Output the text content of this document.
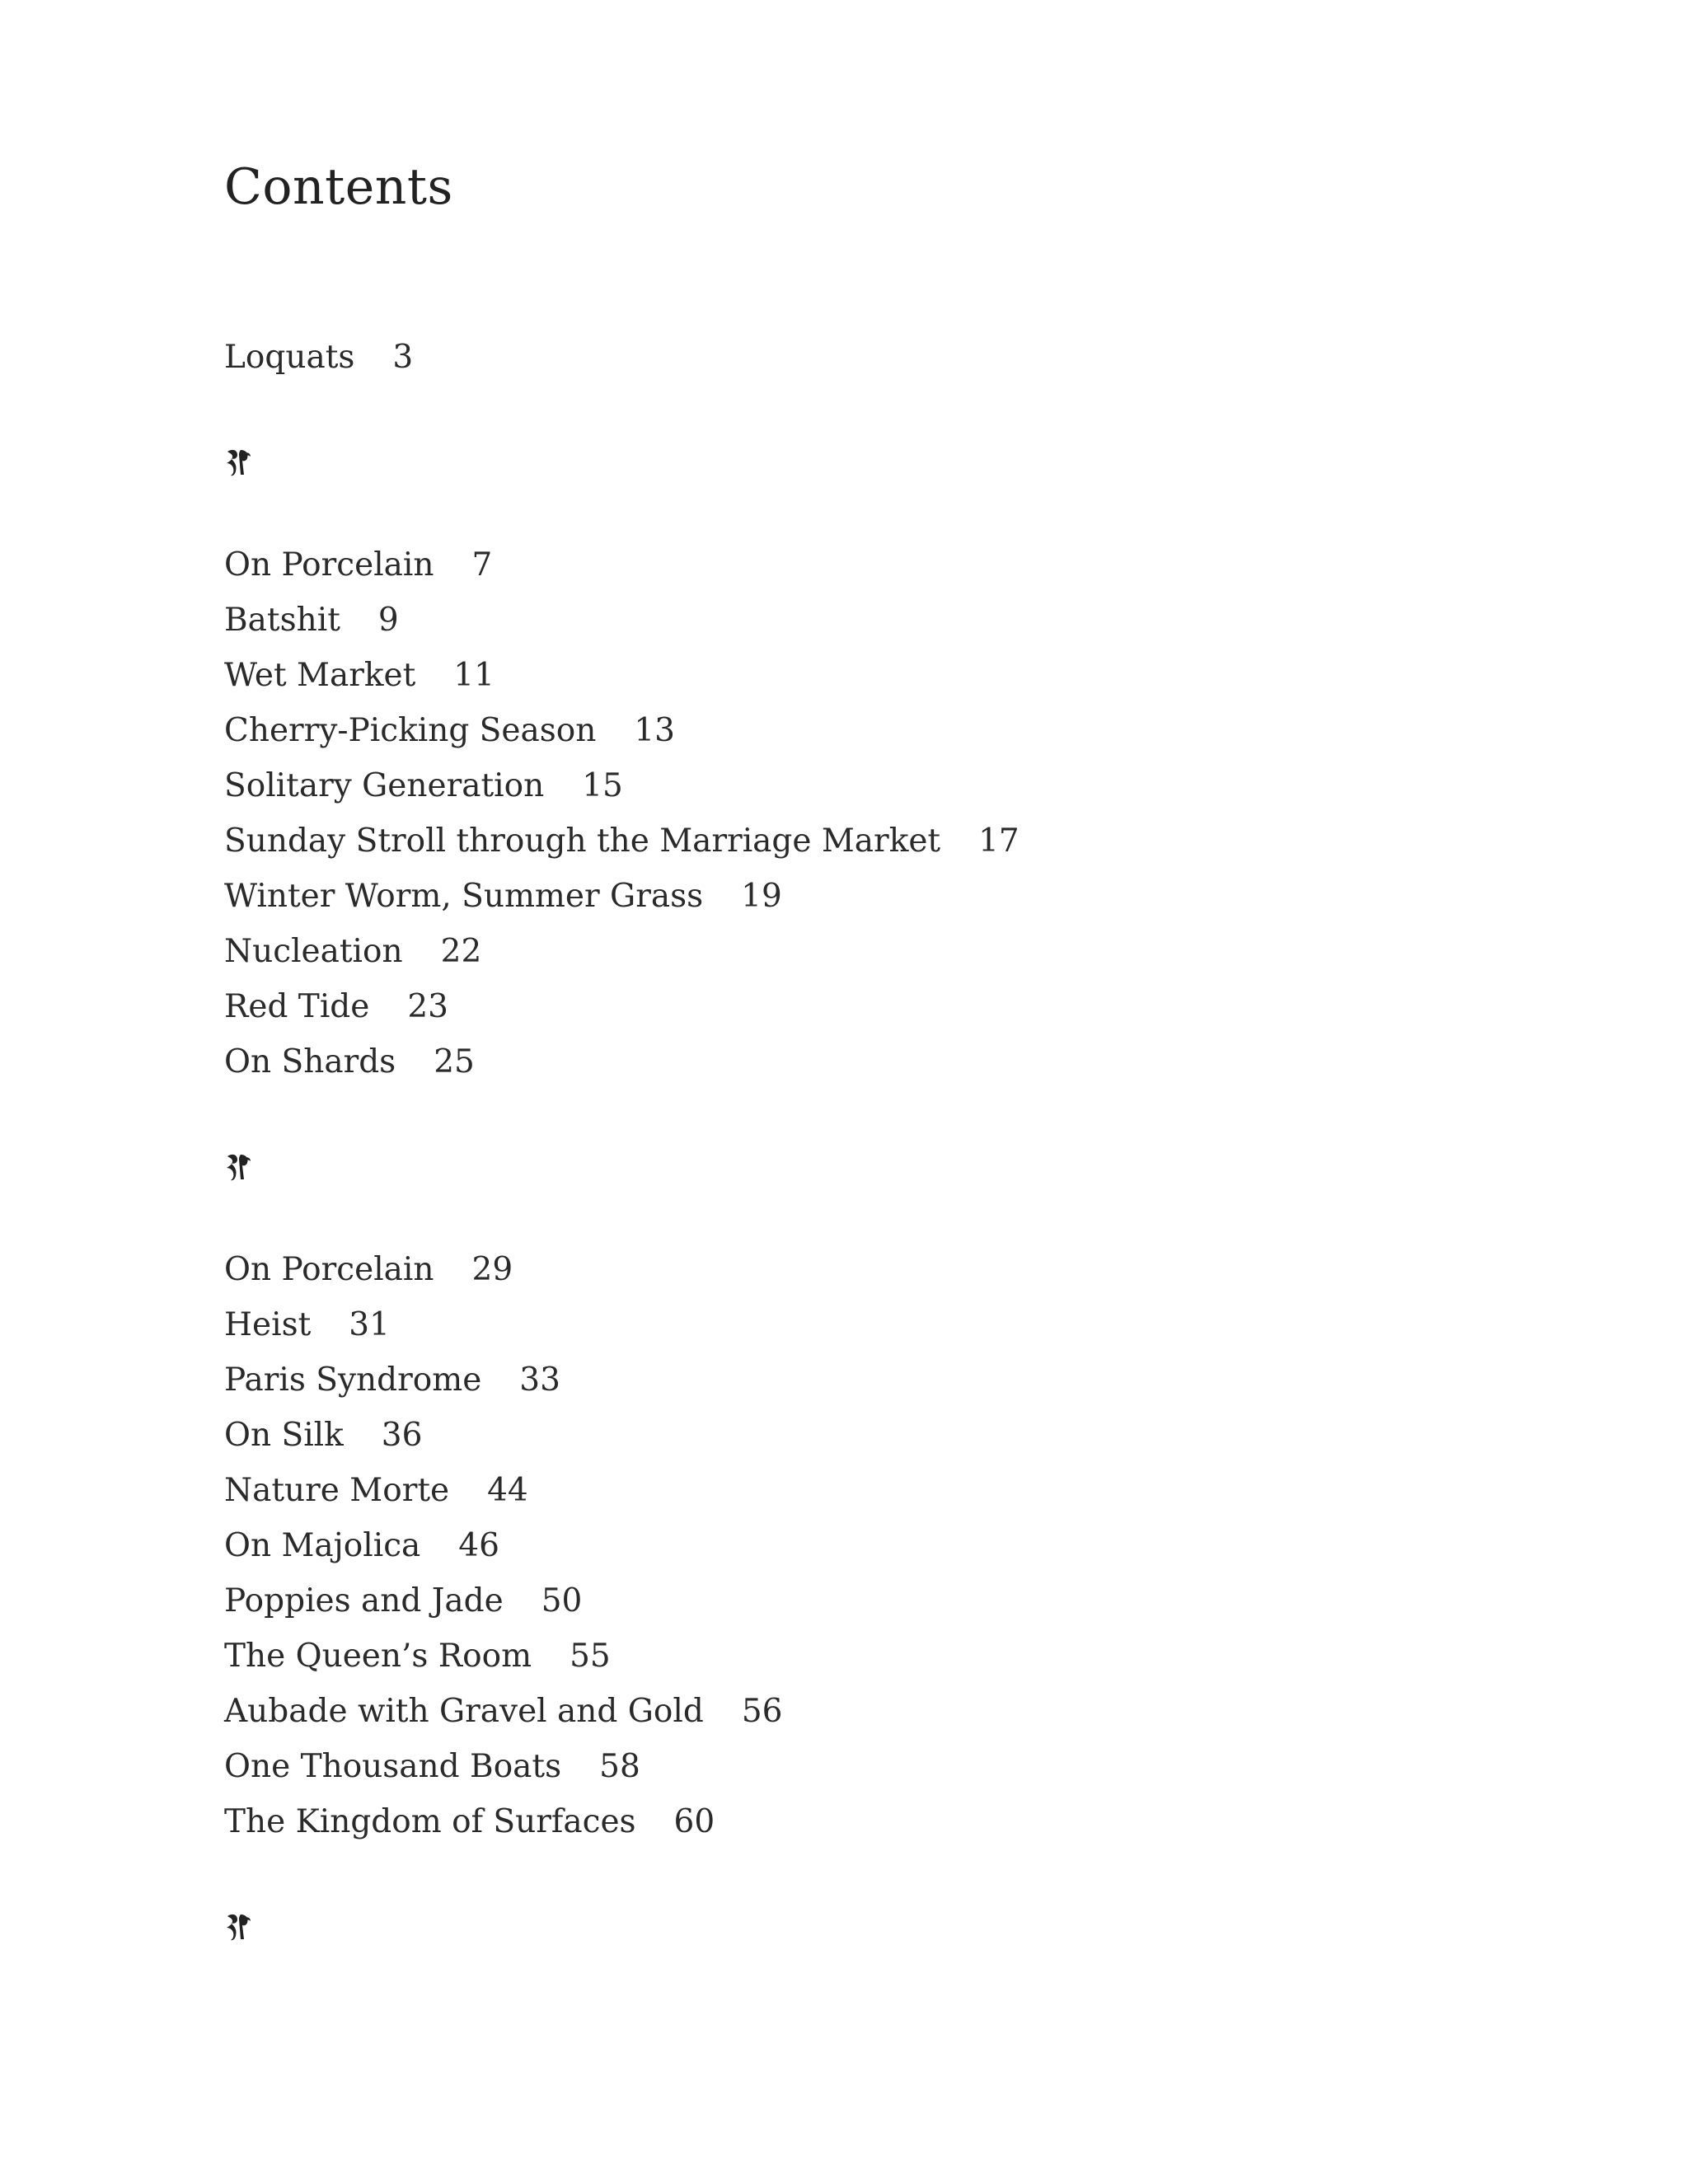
Contents
Loquats 3
On Porcelain 7
Batshit 9
Wet Market 11
Cherry-Picking Season 13
Solitary Generation 15
Sunday Stroll through the Marriage Market 17
Winter Worm, Summer Grass 19
Nucleation 22
Red Tide 23
On Shards 25
On Porcelain 29
Heist 31
Paris Syndrome 33
On Silk 36
Nature Morte 44
On Majolica 46
Poppies and Jade 50
The Queen’s Room 55
Aubade with Gravel and Gold 56
One Thousand Boats 58
The Kingdom of Surfaces 60
